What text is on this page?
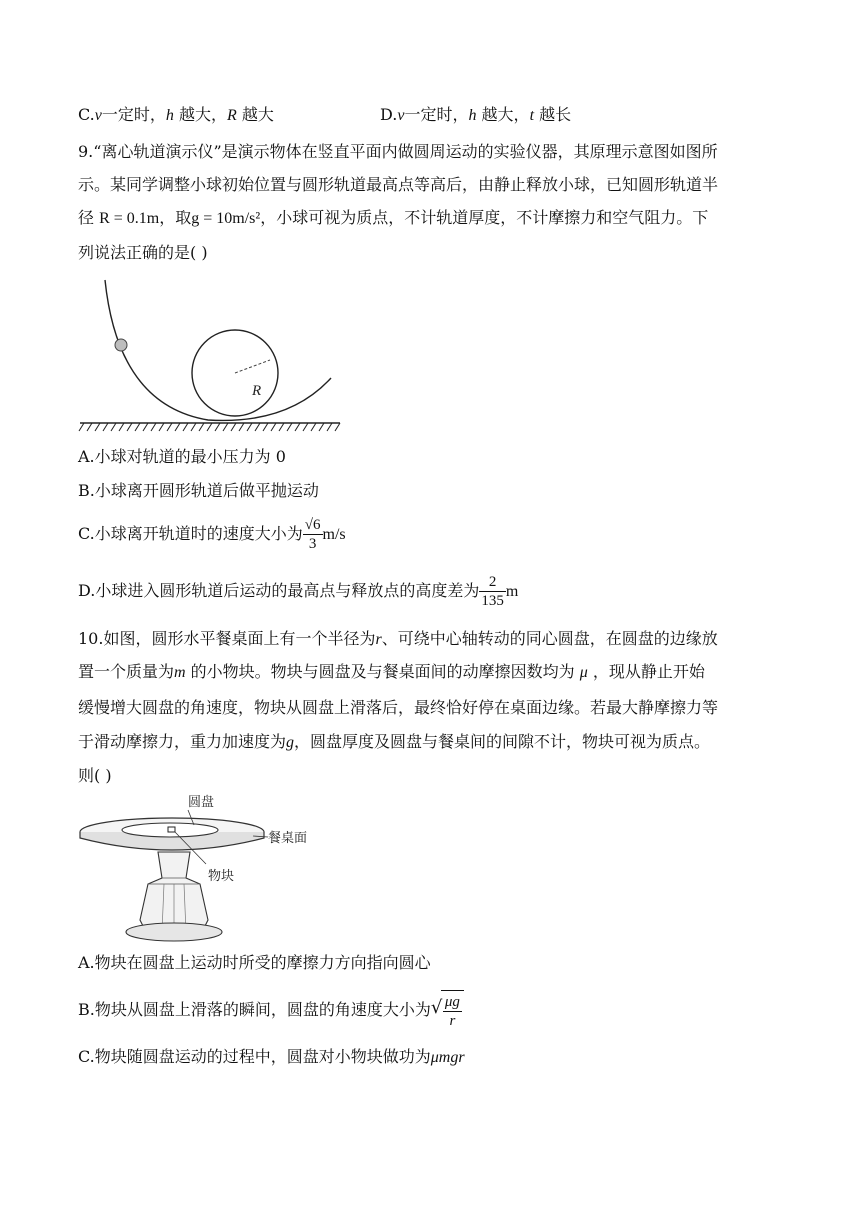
C.v一定时，h 越大，R 越大	D.v一定时，h 越大，t 越长
9.“离心轨道演示仪”是演示物体在竖直平面内做圆周运动的实验仪器，其原理示意图如图所
示。某同学调整小球初始位置与圆形轨道最高点等高后，由静止释放小球，已知圆形轨道半
径 R = 0.1m，取g = 10m/s²，小球可视为质点，不计轨道厚度，不计摩擦力和空气阻力。下
列说法正确的是( )
R
A.小球对轨道的最小压力为 0
B.小球离开圆形轨道后做平抛运动
C.小球离开轨道时的速度大小为 $\frac{√6}{3} m/s$
D.小球进入圆形轨道后运动的最高点与释放点的高度差为 $\frac{2}{135}$ m
10.如图，圆形水平餐桌面上有一个半径为r、可绕中心轴转动的同心圆盘，在圆盘的边缘放
置一个质量为m 的小物块。物块与圆盘及与餐桌面间的动摩擦因数均为 μ ，现从静止开始
缓慢增大圆盘的角速度，物块从圆盘上滑落后，最终恰好停在桌面边缘。若最大静摩擦力等
于滑动摩擦力，重力加速度为g，圆盘厚度及圆盘与餐桌间的间隙不计，物块可视为质点。
则( )
圆盘
餐桌面
物块
A.物块在圆盘上运动时所受的摩擦力方向指向圆心
B.物块从圆盘上滑落的瞬间，圆盘的角速度大小为 √ $\frac{\mu g}{r}$
C.物块随圆盘运动的过程中，圆盘对小物块做功为μmgr
